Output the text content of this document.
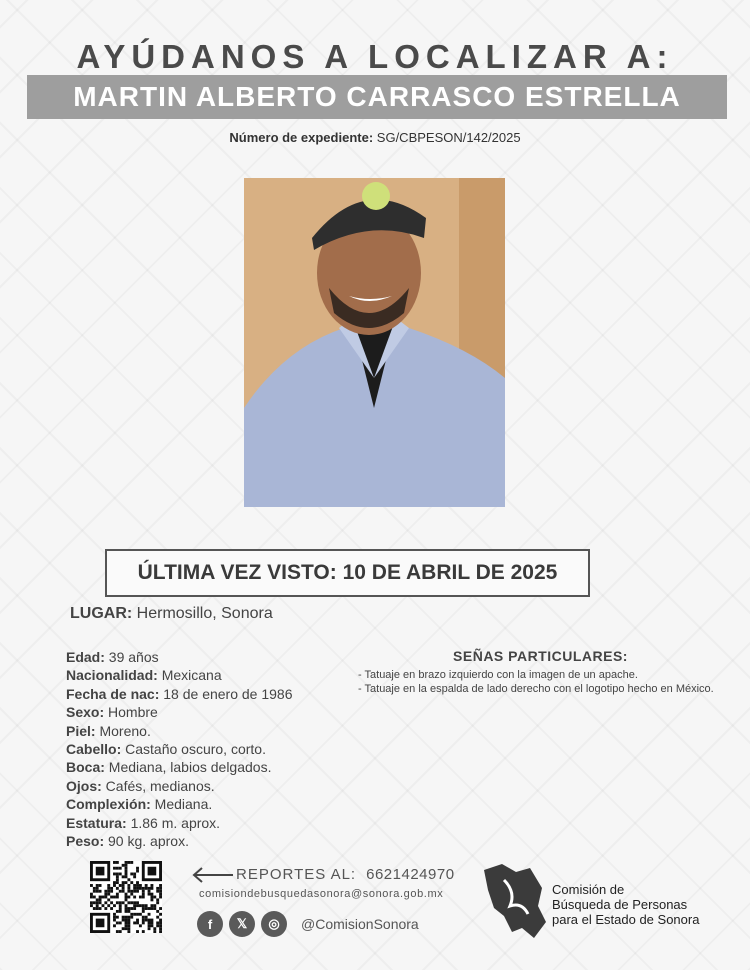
AYÚDANOS A LOCALIZAR A:
MARTIN ALBERTO CARRASCO ESTRELLA
Número de expediente: SG/CBPESON/142/2025
ÚLTIMA VEZ VISTO: 10 DE ABRIL DE 2025
LUGAR: Hermosillo, Sonora
Edad: 39 años
Nacionalidad: Mexicana
Fecha de nac: 18 de enero de 1986
Sexo: Hombre
Piel: Moreno.
Cabello: Castaño oscuro, corto.
Boca: Mediana, labios delgados.
Ojos: Cafés, medianos.
Complexión: Mediana.
Estatura: 1.86 m. aprox.
Peso: 90 kg. aprox.
SEÑAS PARTICULARES:
- Tatuaje en brazo izquierdo con la imagen de un apache.
- Tatuaje en la espalda de lado derecho con el logotipo hecho en México.
REPORTES AL: 6621424970
comisiondebusquedasonora@sonora.gob.mx
f	𝕏	◎	@ComisionSonora
Comisión de
Búsqueda de Personas
para el Estado de Sonora
